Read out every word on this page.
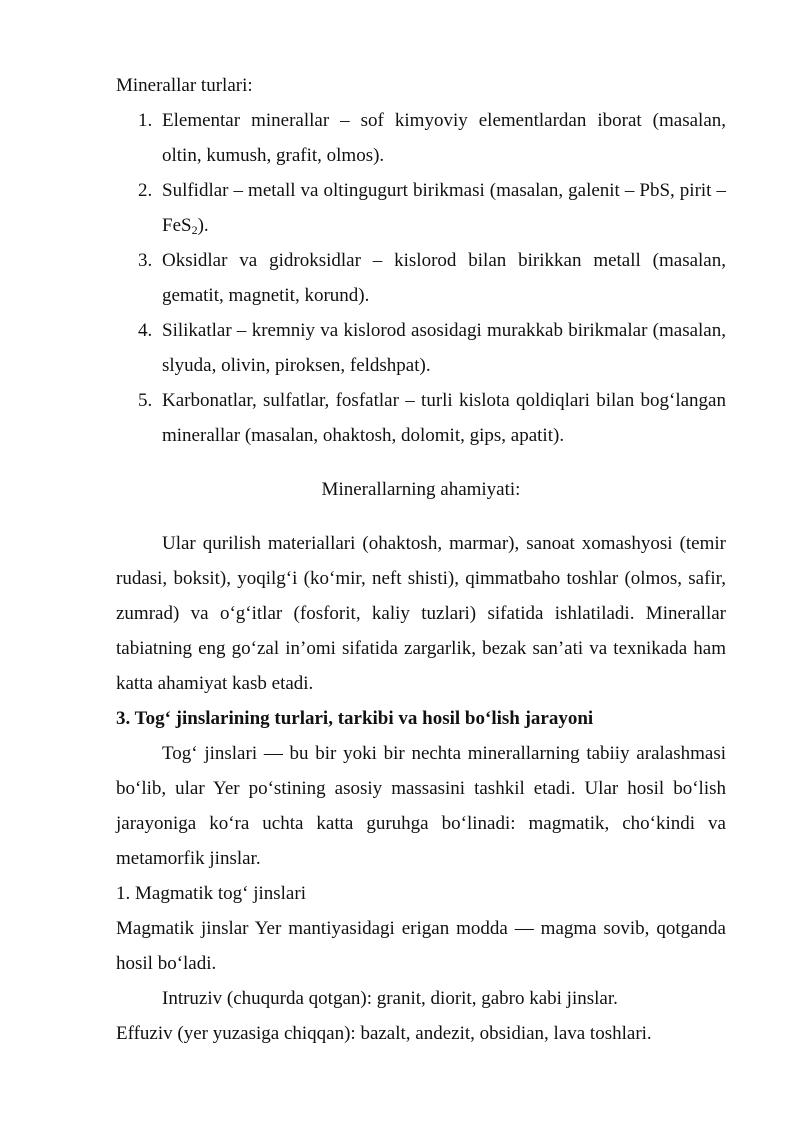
Minerallar turlari:

1. Elementar minerallar – sof kimyoviy elementlardan iborat (masalan, oltin, kumush, grafit, olmos).
2. Sulfidlar – metall va oltingugurt birikmasi (masalan, galenit – PbS, pirit – FeS$_2$).
3. Oksidlar va gidroksidlar – kislorod bilan birikkan metall (masalan, gematit, magnetit, korund).
4. Silikatlar – kremniy va kislorod asosidagi murakkab birikmalar (masalan, slyuda, olivin, piroksen, feldshpat).
5. Karbonatlar, sulfatlar, fosfatlar – turli kislota qoldiqlari bilan bog‘langan minerallar (masalan, ohaktosh, dolomit, gips, apatit).

Minerallarning ahamiyati:

Ular qurilish materiallari (ohaktosh, marmar), sanoat xomashyosi (temir rudasi, boksit), yoqilg‘i (ko‘mir, neft shisti), qimmatbaho toshlar (olmos, safir, zumrad) va o‘g‘itlar (fosforit, kaliy tuzlari) sifatida ishlatiladi. Minerallar tabiatning eng go‘zal in’omi sifatida zargarlik, bezak san’ati va texnikada ham katta ahamiyat kasb etadi.

3. Tog‘ jinslarining turlari, tarkibi va hosil bo‘lish jarayoni

Tog‘ jinslari — bu bir yoki bir nechta minerallarning tabiiy aralashmasi bo‘lib, ular Yer po‘stining asosiy massasini tashkil etadi. Ular hosil bo‘lish jarayoniga ko‘ra uchta katta guruhga bo‘linadi: magmatik, cho‘kindi va metamorfik jinslar.

1. Magmatik tog‘ jinslari

Magmatik jinslar Yer mantiyasidagi erigan modda — magma sovib, qotganda hosil bo‘ladi.

Intruziv (chuqurda qotgan): granit, diorit, gabro kabi jinslar.

Effuziv (yer yuzasiga chiqqan): bazalt, andezit, obsidian, lava toshlari.
